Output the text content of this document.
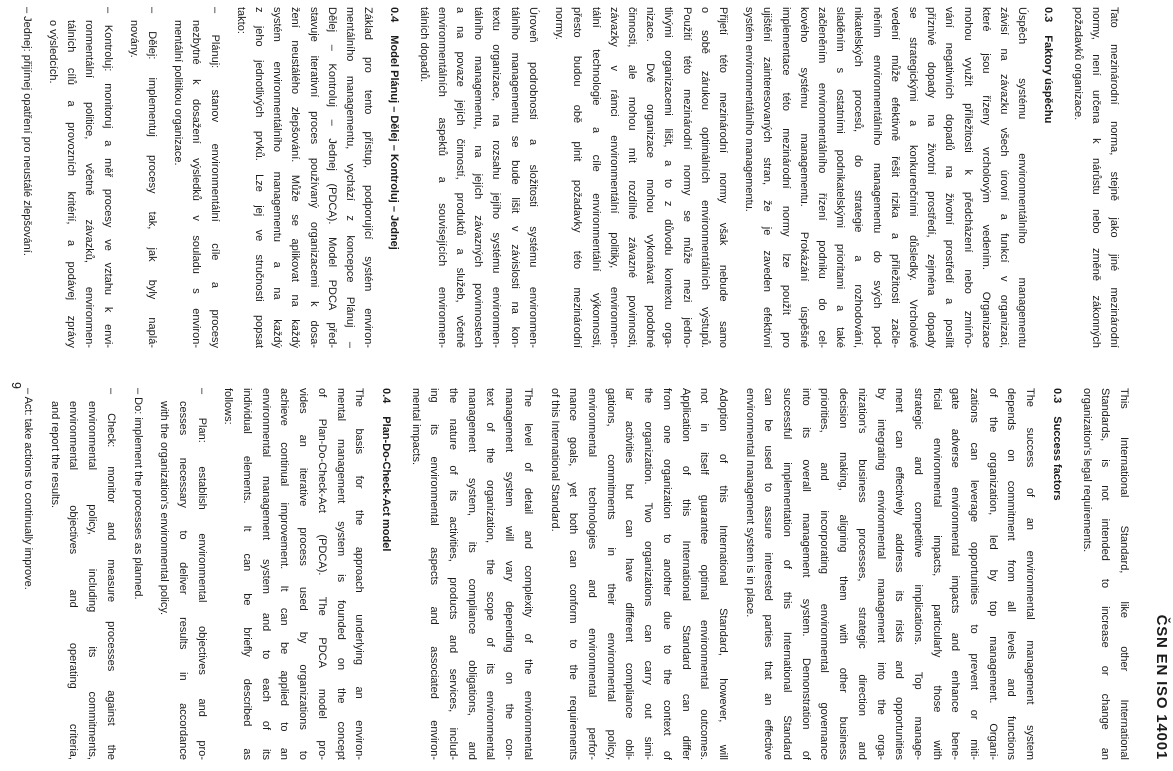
ČSN EN ISO 14001
Tato mezinárodní norma, stejně jako jiné mezinárodní
normy, není určena k nárůstu nebo změně zákonných
požadavků organizace.
0.3Faktory úspěchu
Úspěch systému environmentálního managementu
závisí na závazku všech úrovní a funkcí v organizaci,
které jsou řízeny vrcholovým vedením. Organizace
mohou využít příležitosti k předcházení nebo zmírňo-
vání negativních dopadů na životní prostředí a posílit
příznivé dopady na životní prostředí, zejména dopady
se strategickými a konkurenčními důsledky. Vrcholové
vedení může efektivně řešit rizika a příležitosti začle-
něním environmentálního managementu do svých pod-
nikatelských procesů, do strategie a rozhodování,
sladěním s ostatními podnikatelskými prioritami a také
začleněním environmentálního řízení podniku do cel-
kového systému managementu. Prokázání úspěšné
implementace této mezinárodní normy lze použít pro
ujištění zainteresovaných stran, že je zaveden efektivní
systém environmentálního managementu.
Přijetí této mezinárodní normy však nebude samo
o sobě zárukou optimálních environmentálních výstupů.
Použití této mezinárodní normy se může mezi jedno-
tlivými organizacemi lišit, a to z důvodu kontextu orga-
nizace. Dvě organizace mohou vykonávat podobné
činnosti, ale mohou mít rozdílné závazné povinnosti,
závazky v rámci environmentální politiky, environmen-
tální technologie a cíle environmentální výkonnosti,
přesto budou obě plnit požadavky této mezinárodní
normy.
Úroveň podrobnosti a složitosti systému environmen-
tálního managementu se bude lišit v závislosti na kon-
textu organizace, na rozsahu jejího systému environmen-
tálního managementu, na jejích závazných povinnostech
a na povaze jejích činností, produktů a služeb, včetně
environmentálních aspektů a souvisejících environmen-
tálních dopadů.
0.4Model Plánuj – Dělej – Kontroluj – Jednej
Základ pro tento přístup, podporující systém environ-
mentálního managementu, vychází z koncepce Plánuj –
Dělej – Kontroluj – Jednej (PDCA). Model PDCA před-
stavuje iterativní proces používaný organizacemi k dosa-
žení neustálého zlepšování. Může se aplikovat na každý
systém environmentálního managementu a na každý
z jeho jednotlivých prvků. Lze jej ve stručnosti popsat
takto:
– Plánuj: stanov environmentální cíle a procesy
nezbytné k dosažení výsledků v souladu s environ-
mentální politikou organizace.
– Dělej: implementuj procesy tak, jak byly naplá-
novány.
– Kontroluj: monitoruj a měř procesy ve vztahu k envi-
ronmentální politice, včetně závazků, environmen-
tálních cílů a provozních kritérií, a podávej zprávy
o výsledcích.
– Jednej: přijímej opatření pro neustálé zlepšování.
This International Standard, like other International
Standards, is not intended to increase or change an
organization's legal requirements.
0.3Success factors
The success of an environmental management system
depends on commitment from all levels and functions
of the organization, led by top management. Organi-
zations can leverage opportunities to prevent or miti-
gate adverse environmental impacts and enhance bene-
ficial environmental impacts, particularly those with
strategic and competitive implications. Top manage-
ment can effectively address its risks and opportunities
by integrating environmental management into the orga-
nization's business processes, strategic direction and
decision making, aligning them with other business
priorities, and incorporating environmental governance
into its overall management system. Demonstration of
successful implementation of this International Standard
can be used to assure interested parties that an effective
environmental management system is in place.
Adoption of this International Standard, however, will
not in itself guarantee optimal environmental outcomes.
Application of this International Standard can differ
from one organization to another due to the context of
the organization. Two organizations can carry out simi-
lar activities but can have different compliance obli-
gations, commitments in their environmental policy,
environmental technologies and environmental perfor-
mance goals, yet both can conform to the requirements
of this International Standard.
The level of detail and complexity of the environmental
management system will vary depending on the con-
text of the organization, the scope of its environmental
management system, its compliance obligations, and
the nature of its activities, products and services, includ-
ing its environmental aspects and associated environ-
mental impacts.
0.4Plan-Do-Check-Act model
The basis for the approach underlying an environ-
mental management system is founded on the concept
of Plan-Do-Check-Act (PDCA). The PDCA model pro-
vides an iterative process used by organizations to
achieve continual improvement. It can be applied to an
environmental management system and to each of its
individual elements. It can be briefly described as
follows:
– Plan: establish environmental objectives and pro-
cesses necessary to deliver results in accordance
with the organization's environmental policy.
– Do: implement the processes as planned.
– Check: monitor and measure processes against the
environmental policy, including its commitments,
environmental objectives and operating criteria,
and report the results.
– Act: take actions to continually improve.
9
